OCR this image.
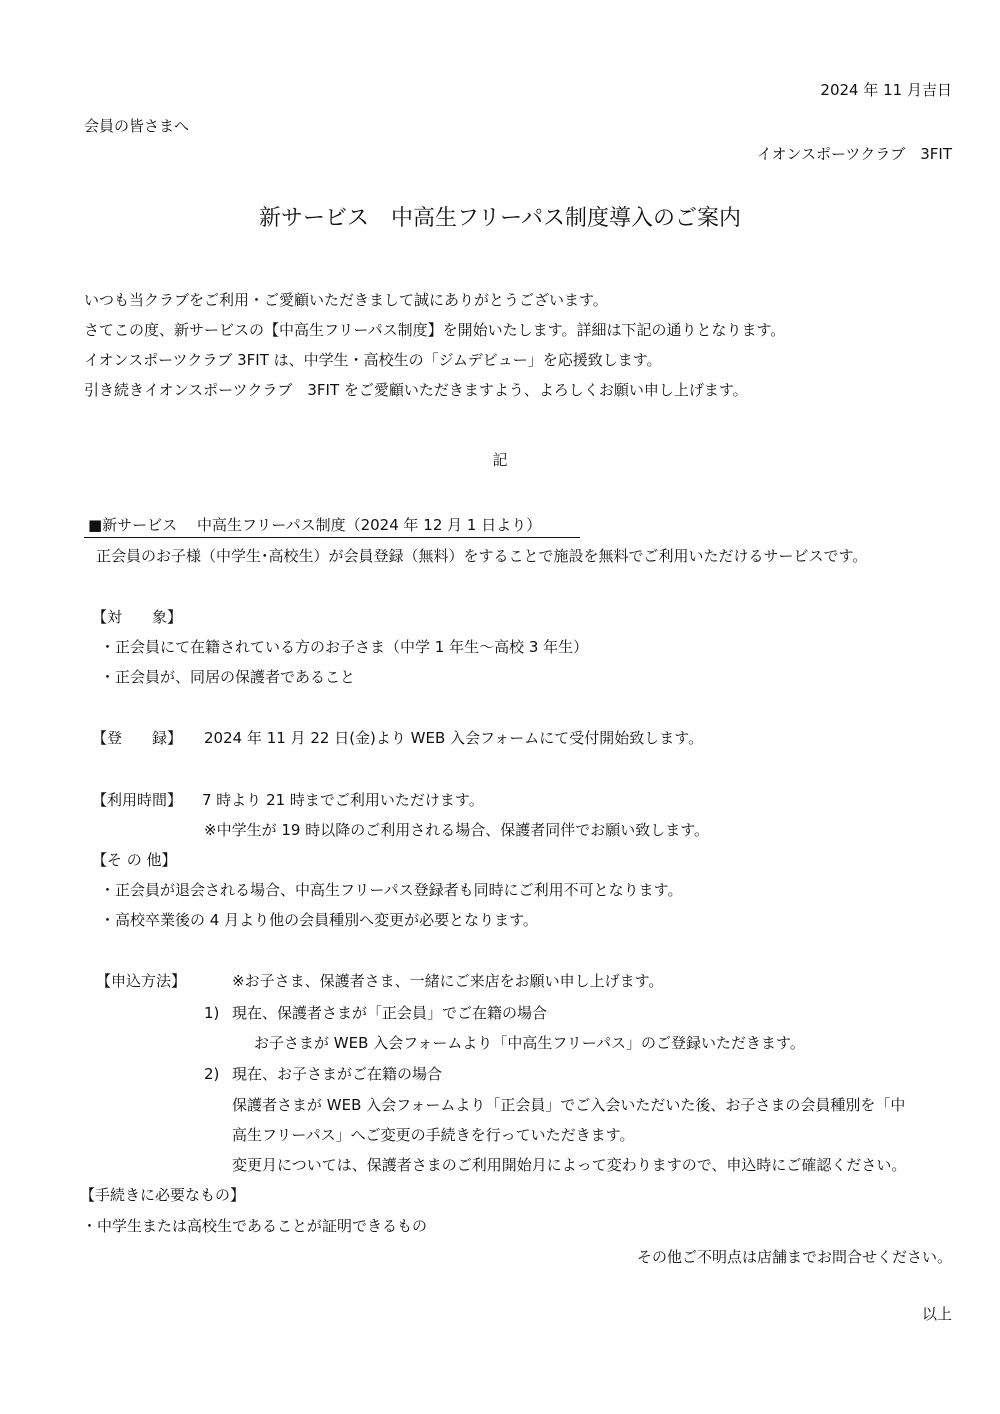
2024 年 11 月吉日
会員の皆さまへ
イオンスポーツクラブ　3FIT
新サービス　中高生フリーパス制度導入のご案内
いつも当クラブをご利用・ご愛顧いただきまして誠にありがとうございます。
さてこの度、新サービスの【中高生フリーパス制度】を開始いたします。詳細は下記の通りとなります。
イオンスポーツクラブ 3FIT は、中学生・高校生の「ジムデビュー」を応援致します。
引き続きイオンスポーツクラブ　3FIT をご愛顧いただきますよう、よろしくお願い申し上げます。
記
■新サービス　 中高生フリーパス制度（2024 年 12 月 1 日より）
正会員のお子様（中学生･高校生）が会員登録（無料）をすることで施設を無料でご利用いただけるサービスです。
【対　　象】
・正会員にて在籍されている方のお子さま（中学 1 年生～高校 3 年生）
・正会員が、同居の保護者であること
【登　　録】 2024 年 11 月 22 日(金)より WEB 入会フォームにて受付開始致します。
【利用時間】 7 時より 21 時までご利用いただけます。
※中学生が 19 時以降のご利用される場合、保護者同伴でお願い致します。
【そ の 他】
・正会員が退会される場合、中高生フリーパス登録者も同時にご利用不可となります。
・高校卒業後の 4 月より他の会員種別へ変更が必要となります。
【申込方法】	※お子さま、保護者さま、一緒にご来店をお願い申し上げます。
1) 現在、保護者さまが「正会員」でご在籍の場合
お子さまが WEB 入会フォームより「中高生フリーパス」のご登録いただきます。
2) 現在、お子さまがご在籍の場合
保護者さまが WEB 入会フォームより「正会員」でご入会いただいた後、お子さまの会員種別を「中
高生フリーパス」へご変更の手続きを行っていただきます。
変更月については、保護者さまのご利用開始月によって変わりますので、申込時にご確認ください。
【手続きに必要なもの】
・中学生または高校生であることが証明できるもの
その他ご不明点は店舗までお問合せください。
以上
